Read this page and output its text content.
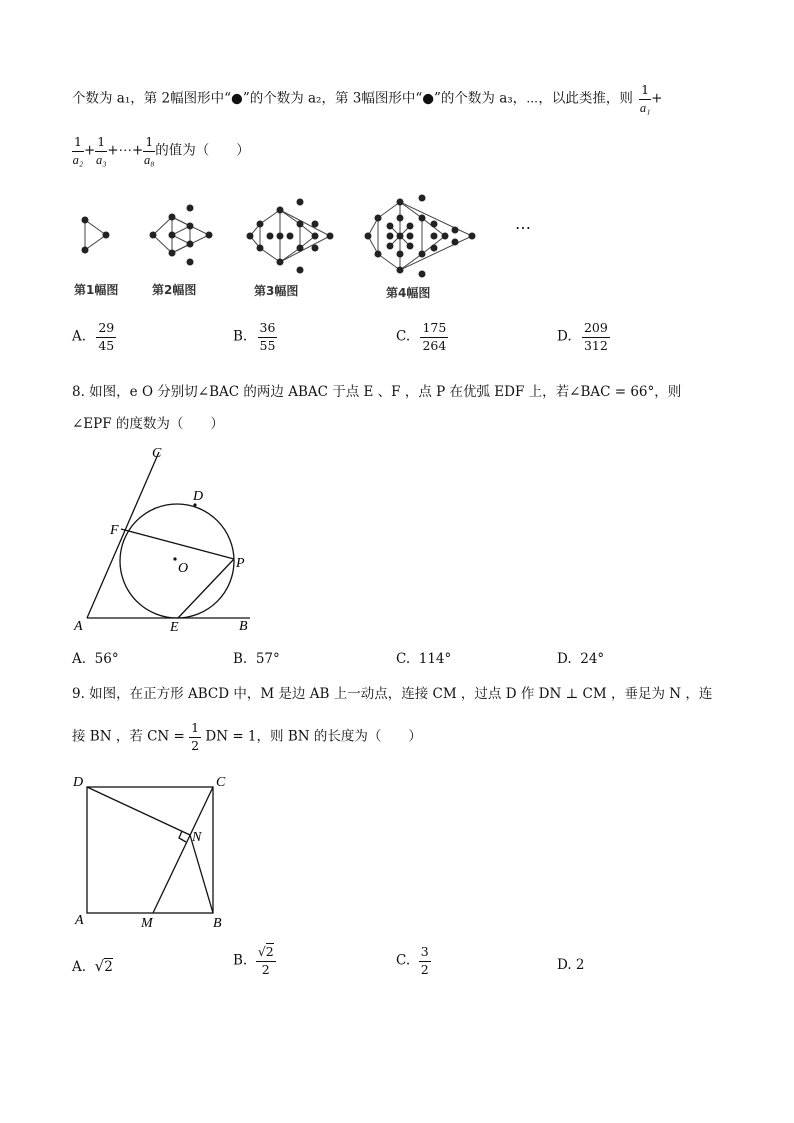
个数为 a₁，第 2幅图形中“●”的个数为 a₂，第 3幅图形中“●”的个数为 a₃，⋯，以此类推，则 $\frac{1}{\text{a₁}}$ +
$\frac{1}{\text{a₂}} + \frac{1}{\text{a₃}}$ +⋯+ $\frac{1}{\text{a₈}}$ 的值为（　　）
⋯
第1幅图	第2幅图	第3幅图	第4幅图
A. $\frac{29}{45}$	B. $\frac{36}{55}$	C. $\frac{175}{264}$	D. $\frac{209}{312}$
8. 如图，e O 分别切∠BAC 的两边 ABAC 于点 E 、F ，点 P 在优弧 EDF 上，若∠BAC = 66°，则
∠EPF 的度数为（　　）
C
D
F
O	P
A	E	B
A. 56°	B. 57°	C. 114°	D. 24°
9. 如图，在正方形 ABCD 中，M 是边 AB 上一动点，连接 CM ，过点 D 作 DN ⊥ CM ，垂足为 N ，连
接 BN ，若 CN = $\frac{1}{2}$ DN = 1，则 BN 的长度为（　　）
D	C
N
A	M	B
A. √2	B. $\frac{√2}{2}$	C. $\frac{3}{2}$	D. 2
